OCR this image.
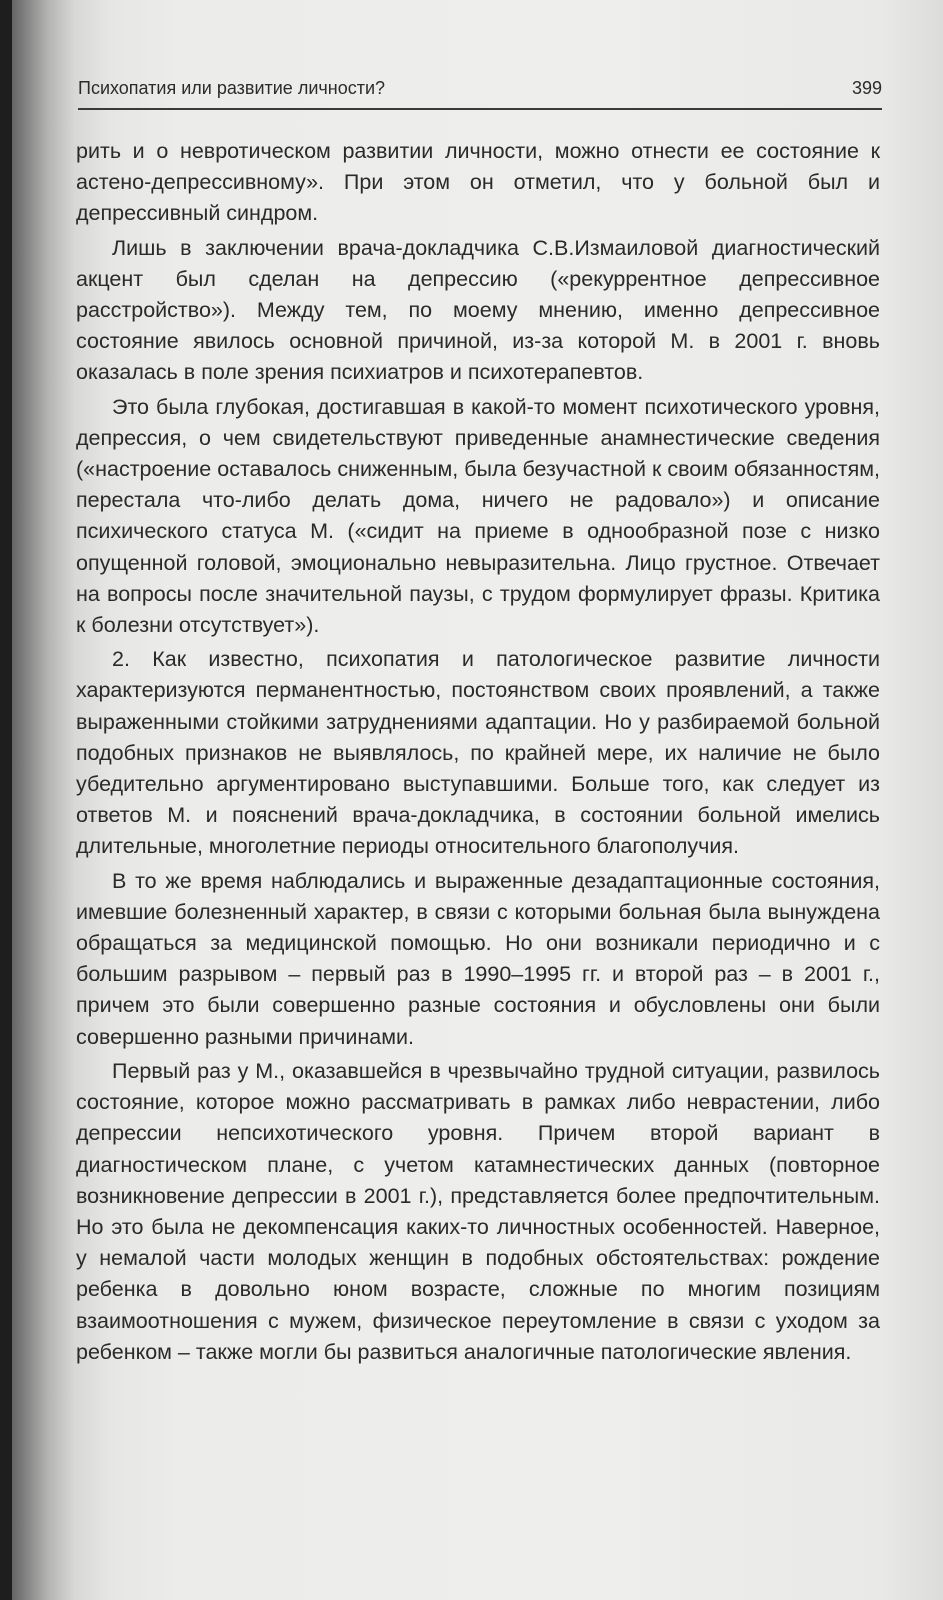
Психопатия или развитие личности?	399

рить и о невротическом развитии личности, можно отнести ее состояние к астено-депрессивному». При этом он отметил, что у больной был и депрессивный синдром.

Лишь в заключении врача-докладчика С.В.Измаиловой диагностический акцент был сделан на депрессию («рекуррентное депрессивное расстройство»). Между тем, по моему мнению, именно депрессивное состояние явилось основной причиной, из-за которой М. в 2001 г. вновь оказалась в поле зрения психиатров и психотерапевтов.

Это была глубокая, достигавшая в какой-то момент психотического уровня, депрессия, о чем свидетельствуют приведенные анамнестические сведения («настроение оставалось сниженным, была безучастной к своим обязанностям, перестала что-либо делать дома, ничего не радовало») и описание психического статуса М. («сидит на приеме в однообразной позе с низко опущенной головой, эмоционально невыразительна. Лицо грустное. Отвечает на вопросы после значительной паузы, с трудом формулирует фразы. Критика к болезни отсутствует»).

2. Как известно, психопатия и патологическое развитие личности характеризуются перманентностью, постоянством своих проявлений, а также выраженными стойкими затруднениями адаптации. Но у разбираемой больной подобных признаков не выявлялось, по крайней мере, их наличие не было убедительно аргументировано выступавшими. Больше того, как следует из ответов М. и пояснений врача-докладчика, в состоянии больной имелись длительные, многолетние периоды относительного благополучия.

В то же время наблюдались и выраженные дезадаптационные состояния, имевшие болезненный характер, в связи с которыми больная была вынуждена обращаться за медицинской помощью. Но они возникали периодично и с большим разрывом – первый раз в 1990–1995 гг. и второй раз – в 2001 г., причем это были совершенно разные состояния и обусловлены они были совершенно разными причинами.

Первый раз у М., оказавшейся в чрезвычайно трудной ситуации, развилось состояние, которое можно рассматривать в рамках либо неврастении, либо депрессии непсихотического уровня. Причем второй вариант в диагностическом плане, с учетом катамнестических данных (повторное возникновение депрессии в 2001 г.), представляется более предпочтительным. Но это была не декомпенсация каких-то личностных особенностей. Наверное, у немалой части молодых женщин в подобных обстоятельствах: рождение ребенка в довольно юном возрасте, сложные по многим позициям взаимоотношения с мужем, физическое переутомление в связи с уходом за ребенком – также могли бы развиться аналогичные патологические явления.
